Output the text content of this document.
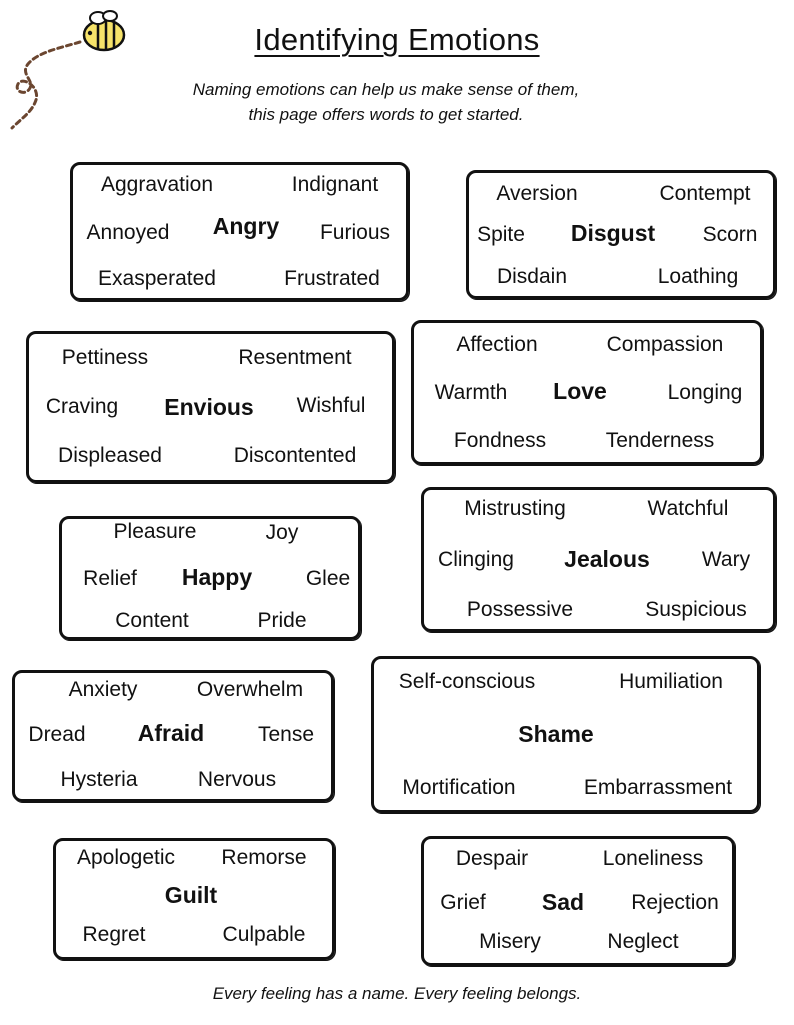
Identifying Emotions
Naming emotions can help us make sense of them,
this page offers words to get started.
Aggravation	Indignant
Annoyed Angry Furious
Exasperated	Frustrated
Aversion	Contempt
Spite Disgust Scorn
Disdain	Loathing
Pettiness	Resentment
Craving Envious Wishful
Displeased	Discontented
Affection	Compassion
Warmth Love	Longing
Fondness	Tenderness
Pleasure	Joy
Relief Happy	Glee
Content	Pride
Mistrusting	Watchful
Clinging Jealous Wary
Possessive	Suspicious
Anxiety	Overwhelm
Dread Afraid	Tense
Hysteria	Nervous
Self-conscious	Humiliation
Shame
Mortification	Embarrassment
Apologetic Remorse
Guilt
Regret	Culpable
Despair	Loneliness
Grief Sad Rejection
Misery	Neglect
Every feeling has a name. Every feeling belongs.
